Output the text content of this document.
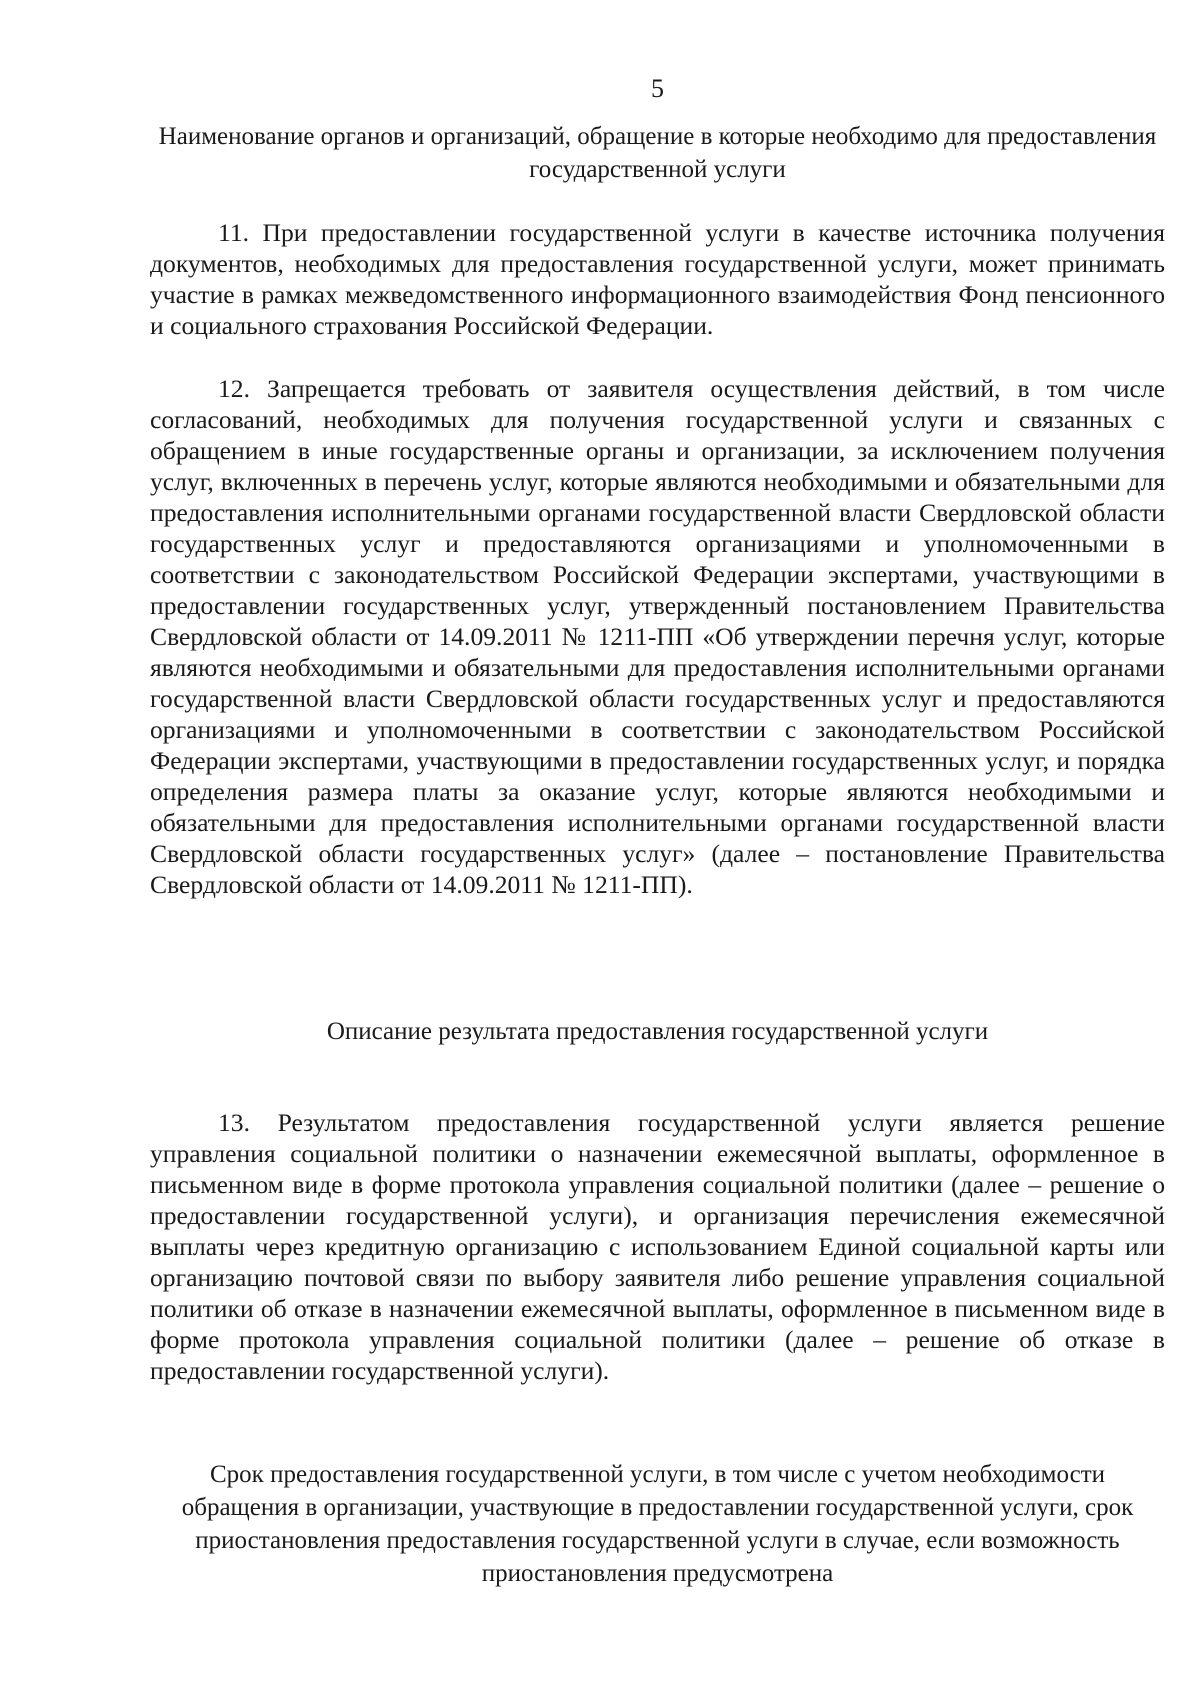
5
Наименование органов и организаций, обращение в которые необходимо для предоставления государственной услуги

11. При предоставлении государственной услуги в качестве источника получения документов, необходимых для предоставления государственной услуги, может принимать участие в рамках межведомственного информационного взаимодействия Фонд пенсионного и социального страхования Российской Федерации.

12. Запрещается требовать от заявителя осуществления действий, в том числе согласований, необходимых для получения государственной услуги и связанных с обращением в иные государственные органы и организации, за исключением получения услуг, включенных в перечень услуг, которые являются необходимыми и обязательными для предоставления исполнительными органами государственной власти Свердловской области государственных услуг и предоставляются организациями и уполномоченными в соответствии с законодательством Российской Федерации экспертами, участвующими в предоставлении государственных услуг, утвержденный постановлением Правительства Свердловской области от 14.09.2011 № 1211-ПП «Об утверждении перечня услуг, которые являются необходимыми и обязательными для предоставления исполнительными органами государственной власти Свердловской области государственных услуг и предоставляются организациями и уполномоченными в соответствии с законодательством Российской Федерации экспертами, участвующими в предоставлении государственных услуг, и порядка определения размера платы за оказание услуг, которые являются необходимыми и обязательными для предоставления исполнительными органами государственной власти Свердловской области государственных услуг» (далее – постановление Правительства Свердловской области от 14.09.2011 № 1211-ПП).

Описание результата предоставления государственной услуги

13. Результатом предоставления государственной услуги является решение управления социальной политики о назначении ежемесячной выплаты, оформленное в письменном виде в форме протокола управления социальной политики (далее – решение о предоставлении государственной услуги), и организация перечисления ежемесячной выплаты через кредитную организацию с использованием Единой социальной карты или организацию почтовой связи по выбору заявителя либо решение управления социальной политики об отказе в назначении ежемесячной выплаты, оформленное в письменном виде в форме протокола управления социальной политики (далее – решение об отказе в предоставлении государственной услуги).

Срок предоставления государственной услуги, в том числе с учетом необходимости обращения в организации, участвующие в предоставлении государственной услуги, срок приостановления предоставления государственной услуги в случае, если возможность приостановления предусмотрена
